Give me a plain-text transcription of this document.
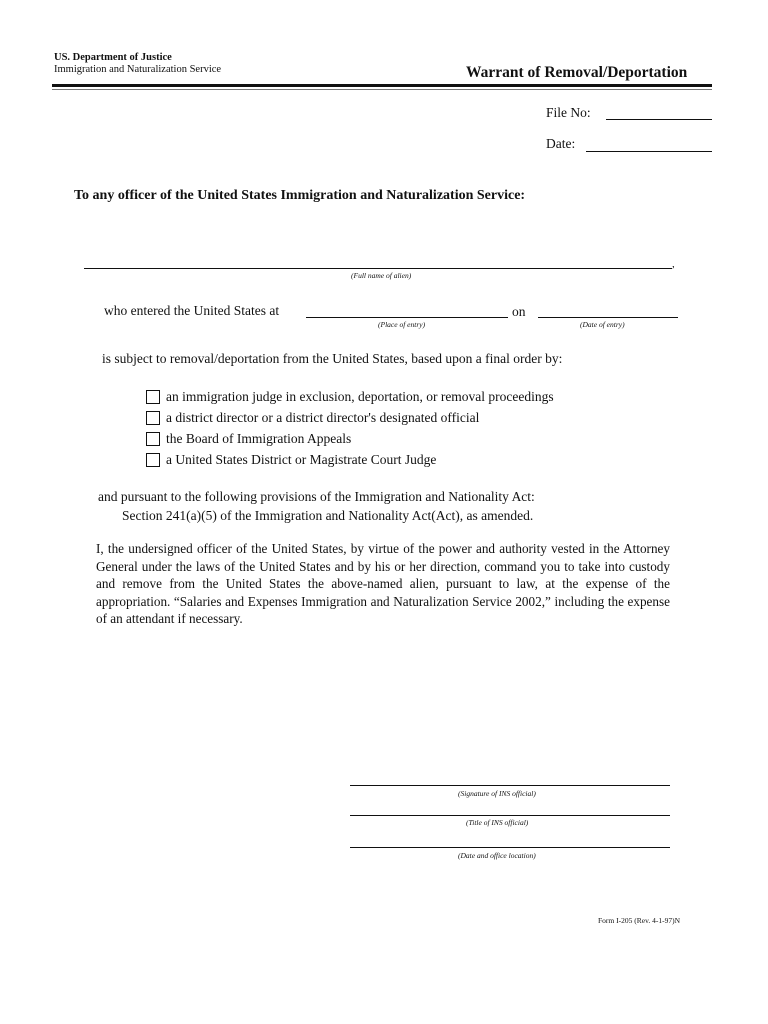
US. Department of Justice
Immigration and Naturalization Service	Warrant of Removal/Deportation
File No:
Date:
To any officer of the United States Immigration and Naturalization Service:
,
(Full name of alien)
who entered the United States at
(Place of entry)
on
(Date of entry)
is subject to removal/deportation from the United States, based upon a final order by:
an immigration judge in exclusion, deportation, or removal proceedings
a district director or a district director's designated official
the Board of Immigration Appeals
a United States District or Magistrate Court Judge
and pursuant to the following provisions of the Immigration and Nationality Act:
Section 241(a)(5) of the Immigration and Nationality Act(Act), as amended.
I, the undersigned officer of the United States, by virtue of the power and authority vested in the Attorney General under the laws of the United States and by his or her direction, command you to take into custody and remove from the United States the above-named alien, pursuant to law, at the expense of the appropriation. “Salaries and Expenses Immigration and Naturalization Service 2002,” including the expense of an attendant if necessary.
(Signature of INS official)
(Title of INS official)
(Date and office location)
Form I-205 (Rev. 4-1-97)N
